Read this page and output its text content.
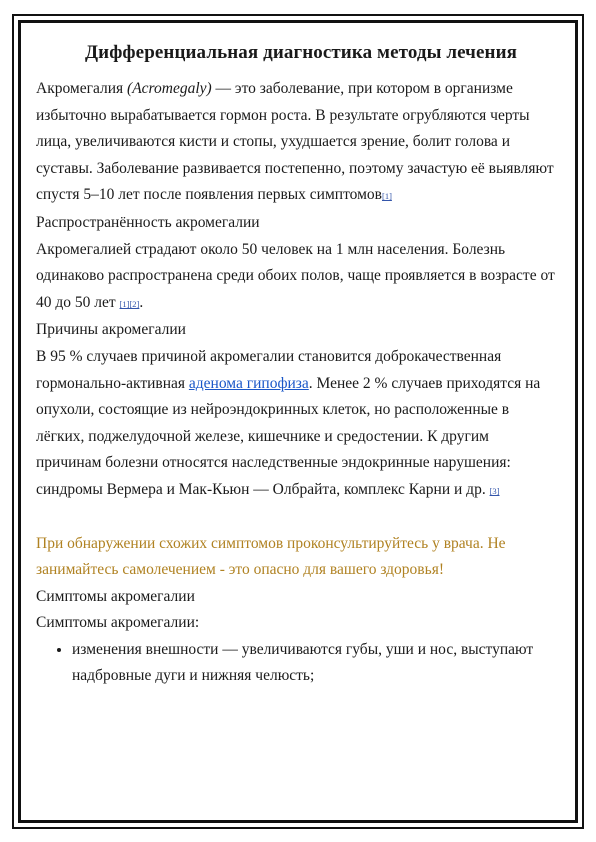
Дифференциальная диагностика методы лечения

Акромегалия (Acromegaly) — это заболевание, при котором в организме избыточно вырабатывается гормон роста. В результате огрубляются черты лица, увеличиваются кисти и стопы, ухудшается зрение, болит голова и суставы. Заболевание развивается постепенно, поэтому зачастую её выявляют спустя 5–10 лет после появления первых симптомов[1]

Распространённость акромегалии

Акромегалией страдают около 50 человек на 1 млн населения. Болезнь одинаково распространена среди обоих полов, чаще проявляется в возрасте от 40 до 50 лет [1][2].

Причины акромегалии

В 95 % случаев причиной акромегалии становится доброкачественная гормонально-активная аденома гипофиза. Менее 2 % случаев приходятся на опухоли, состоящие из нейроэндокринных клеток, но расположенные в лёгких, поджелудочной железе, кишечнике и средостении. К другим причинам болезни относятся наследственные эндокринные нарушения: синдромы Вермера и Мак-Кьюн — Олбрайта, комплекс Карни и др. [3]

При обнаружении схожих симптомов проконсультируйтесь у врача. Не занимайтесь самолечением - это опасно для вашего здоровья!

Симптомы акромегалии

Симптомы акромегалии:

• изменения внешности — увеличиваются губы, уши и нос, выступают надбровные дуги и нижняя челюсть;
